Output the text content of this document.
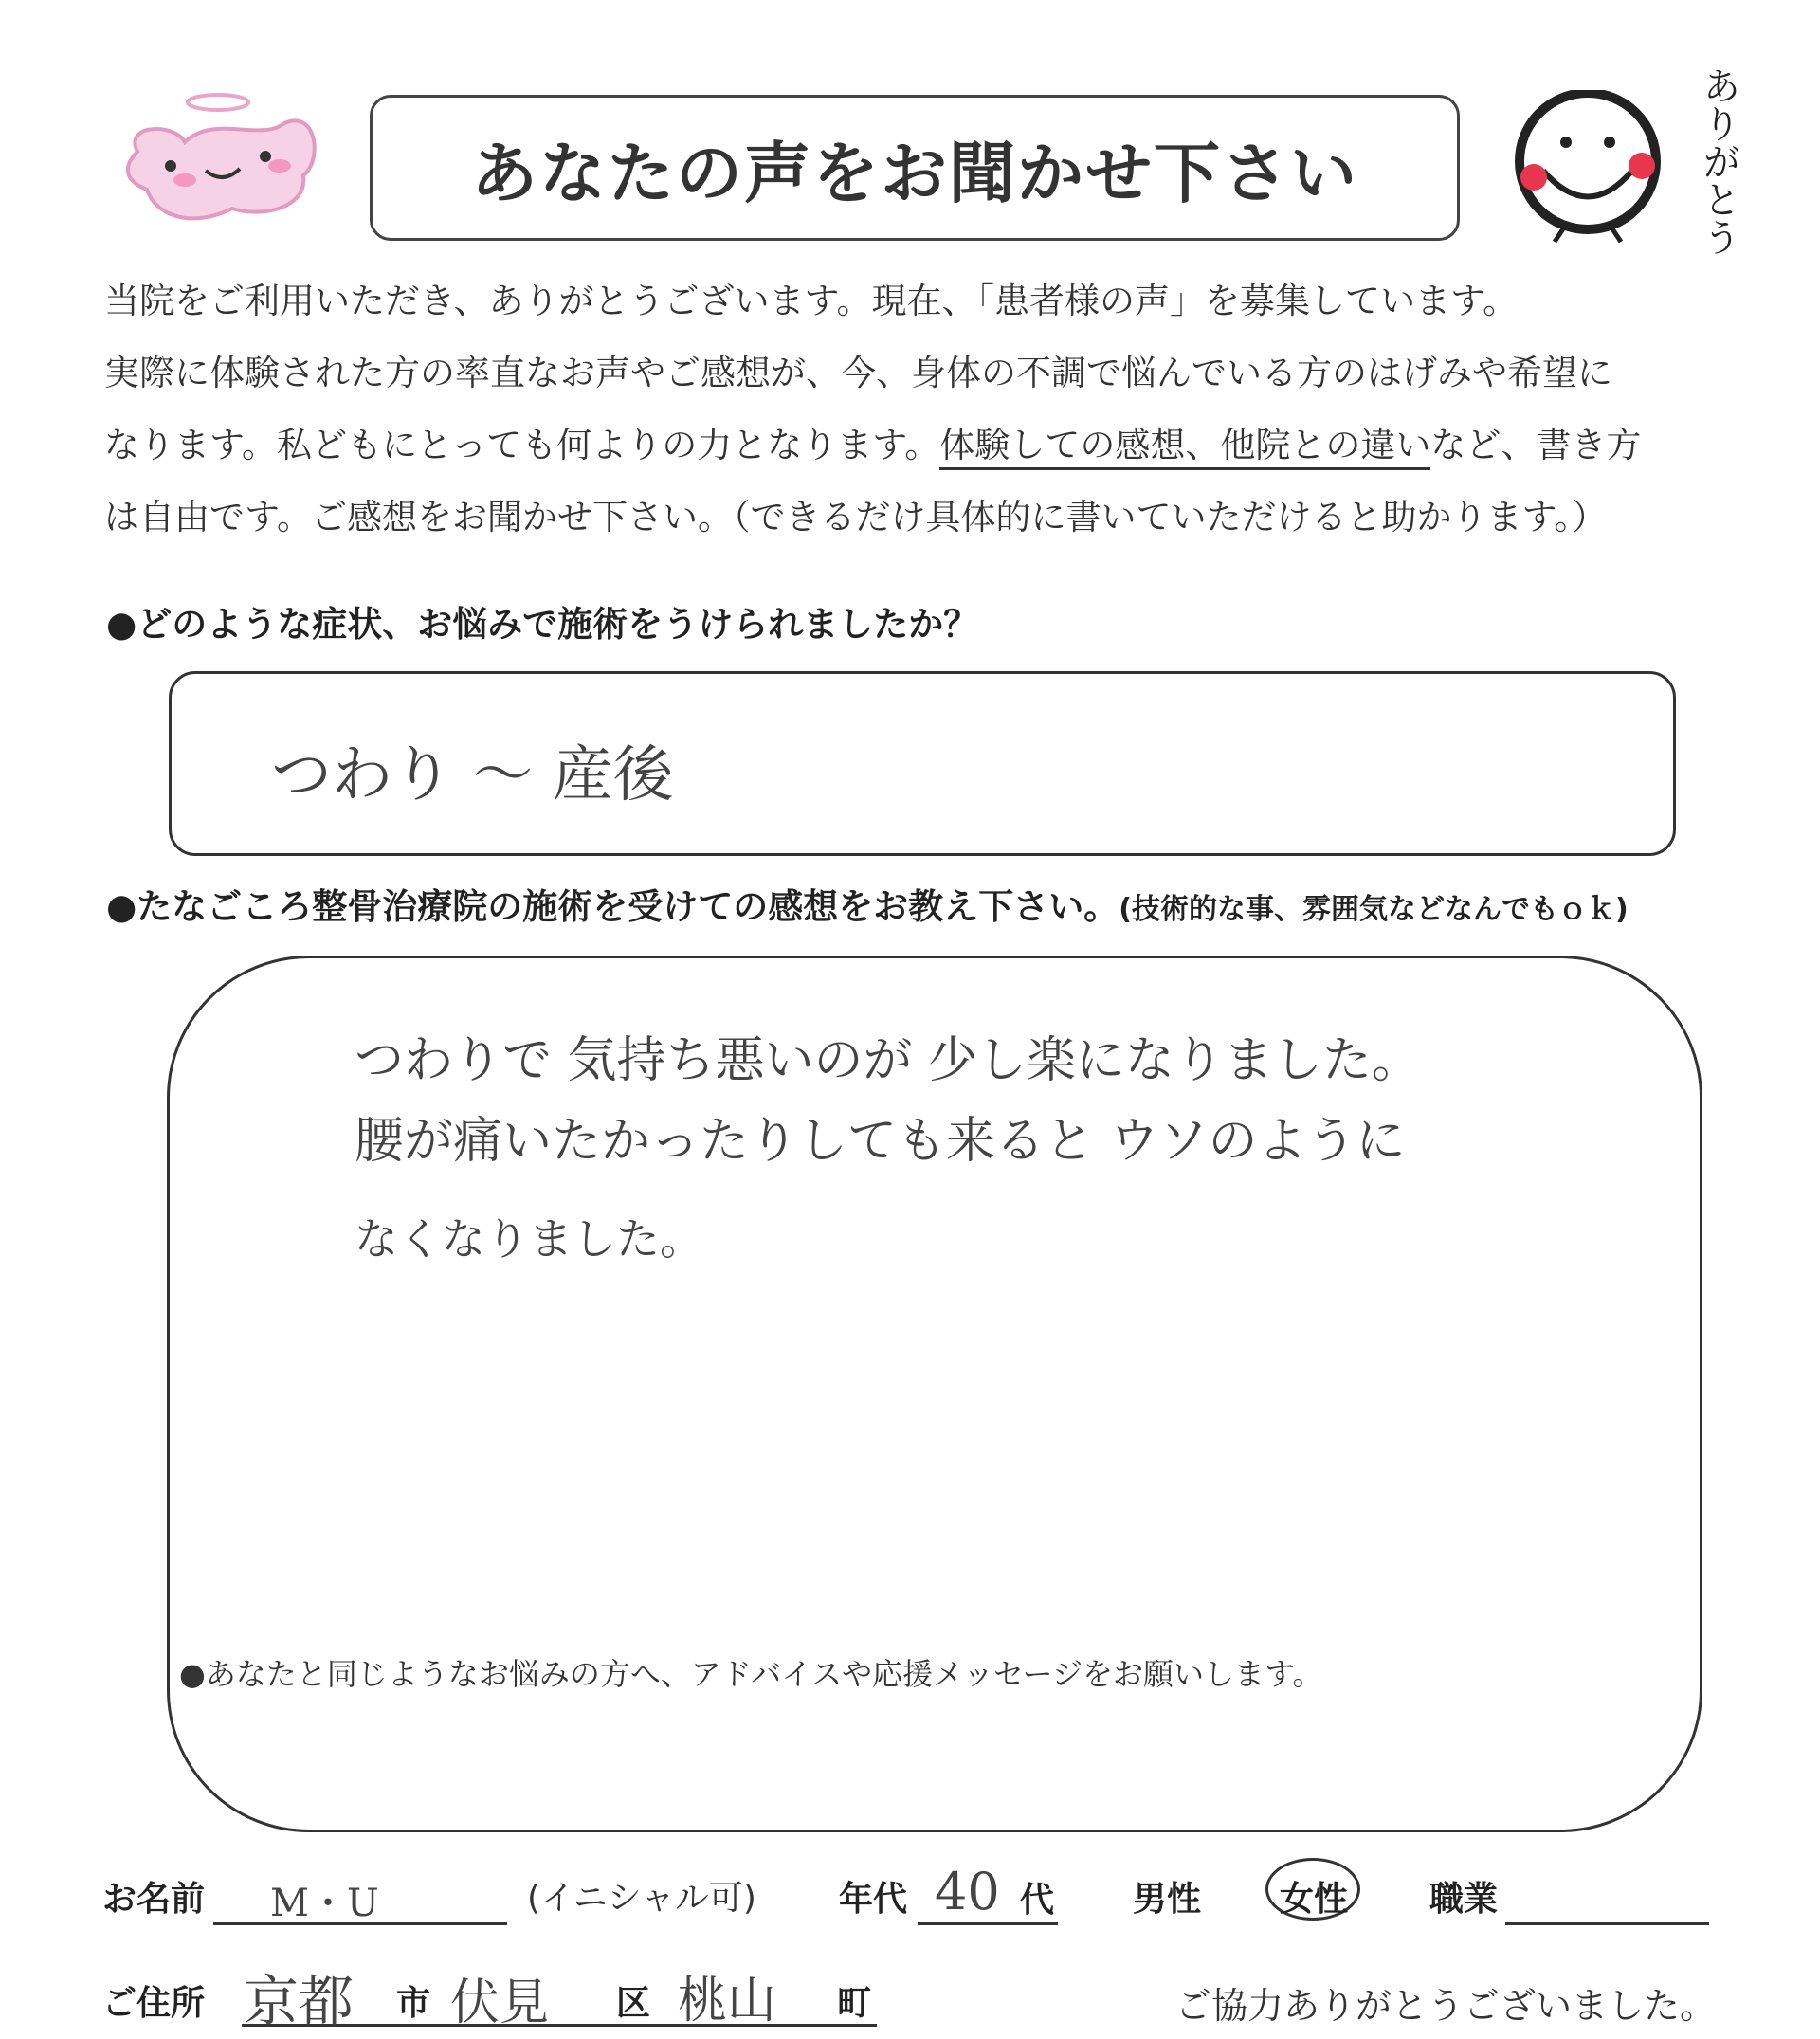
あなたの声をお聞かせ下さい	ありがとう
当院をご利用いただき、ありがとうございます。現在、「患者様の声」を募集しています。
実際に体験された方の率直なお声やご感想が、今、身体の不調で悩んでいる方のはげみや希望に
なります。私どもにとっても何よりの力となります。体験しての感想、他院との違いなど、書き方
は自由です。ご感想をお聞かせ下さい。（できるだけ具体的に書いていただけると助かります。）
●どのような症状、お悩みで施術をうけられましたか？
つわり ～ 産後
●たなごころ整骨治療院の施術を受けての感想をお教え下さい。(技術的な事、雰囲気などなんでもｏｋ)
つわりで 気持ち悪いのが 少し楽になりました。
腰が痛いたかったりしても来ると ウソのように
なくなりました。
●あなたと同じようなお悩みの方へ、アドバイスや応援メッセージをお願いします。
お名前 M・U	(イニシャル可) 年代 40 代 男性 女性 職業
ご住所 京都 市 伏見 区 桃山 町	ご協力ありがとうございました。
